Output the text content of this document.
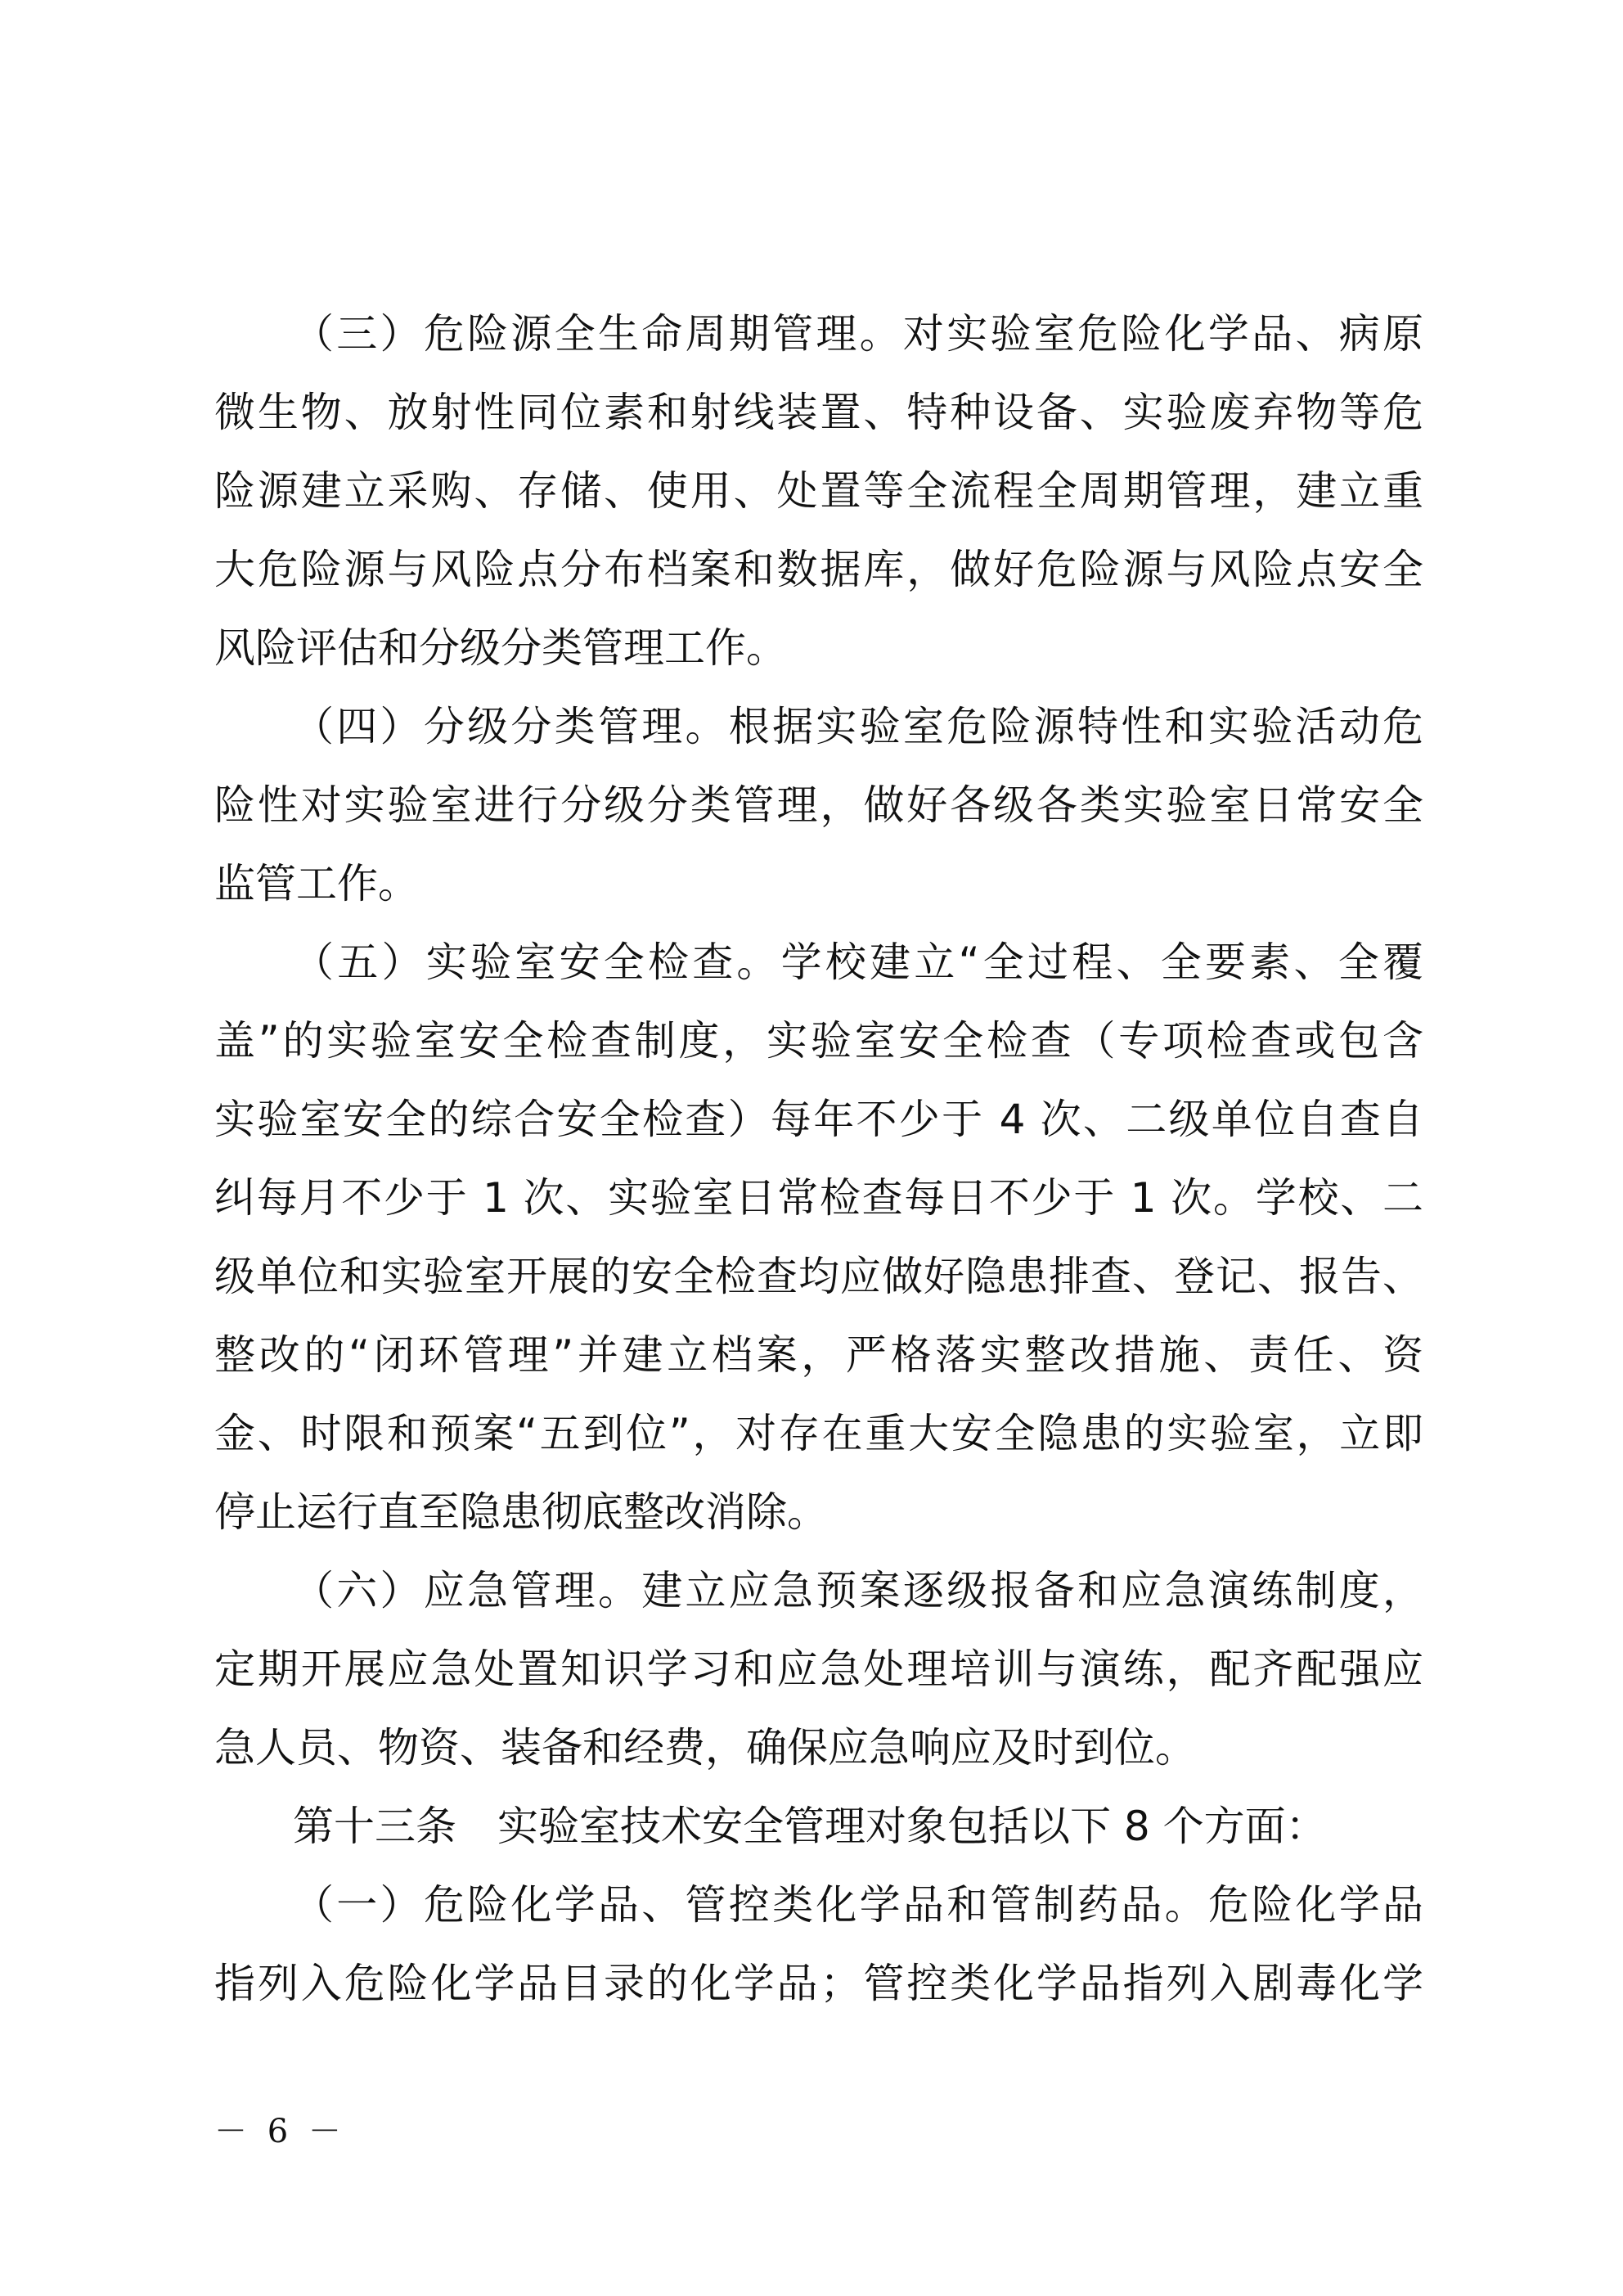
（三）危险源全生命周期管理。对实验室危险化学品、病原
微生物、放射性同位素和射线装置、特种设备、实验废弃物等危
险源建立采购、存储、使用、处置等全流程全周期管理，建立重
大危险源与风险点分布档案和数据库，做好危险源与风险点安全
风险评估和分级分类管理工作。
（四）分级分类管理。根据实验室危险源特性和实验活动危
险性对实验室进行分级分类管理，做好各级各类实验室日常安全
监管工作。
（五）实验室安全检查。学校建立“全过程、全要素、全覆
盖”的实验室安全检查制度，实验室安全检查（专项检查或包含
实验室安全的综合安全检查）每年不少于 4 次、二级单位自查自
纠每月不少于 1 次、实验室日常检查每日不少于 1 次。学校、二
级单位和实验室开展的安全检查均应做好隐患排查、登记、报告、
整改的“闭环管理”并建立档案，严格落实整改措施、责任、资
金、时限和预案“五到位”，对存在重大安全隐患的实验室，立即
停止运行直至隐患彻底整改消除。
（六）应急管理。建立应急预案逐级报备和应急演练制度，
定期开展应急处置知识学习和应急处理培训与演练，配齐配强应
急人员、物资、装备和经费，确保应急响应及时到位。
第十三条　实验室技术安全管理对象包括以下 8 个方面：
（一）危险化学品、管控类化学品和管制药品。危险化学品
指列入危险化学品目录的化学品；管控类化学品指列入剧毒化学
－ 6 －
